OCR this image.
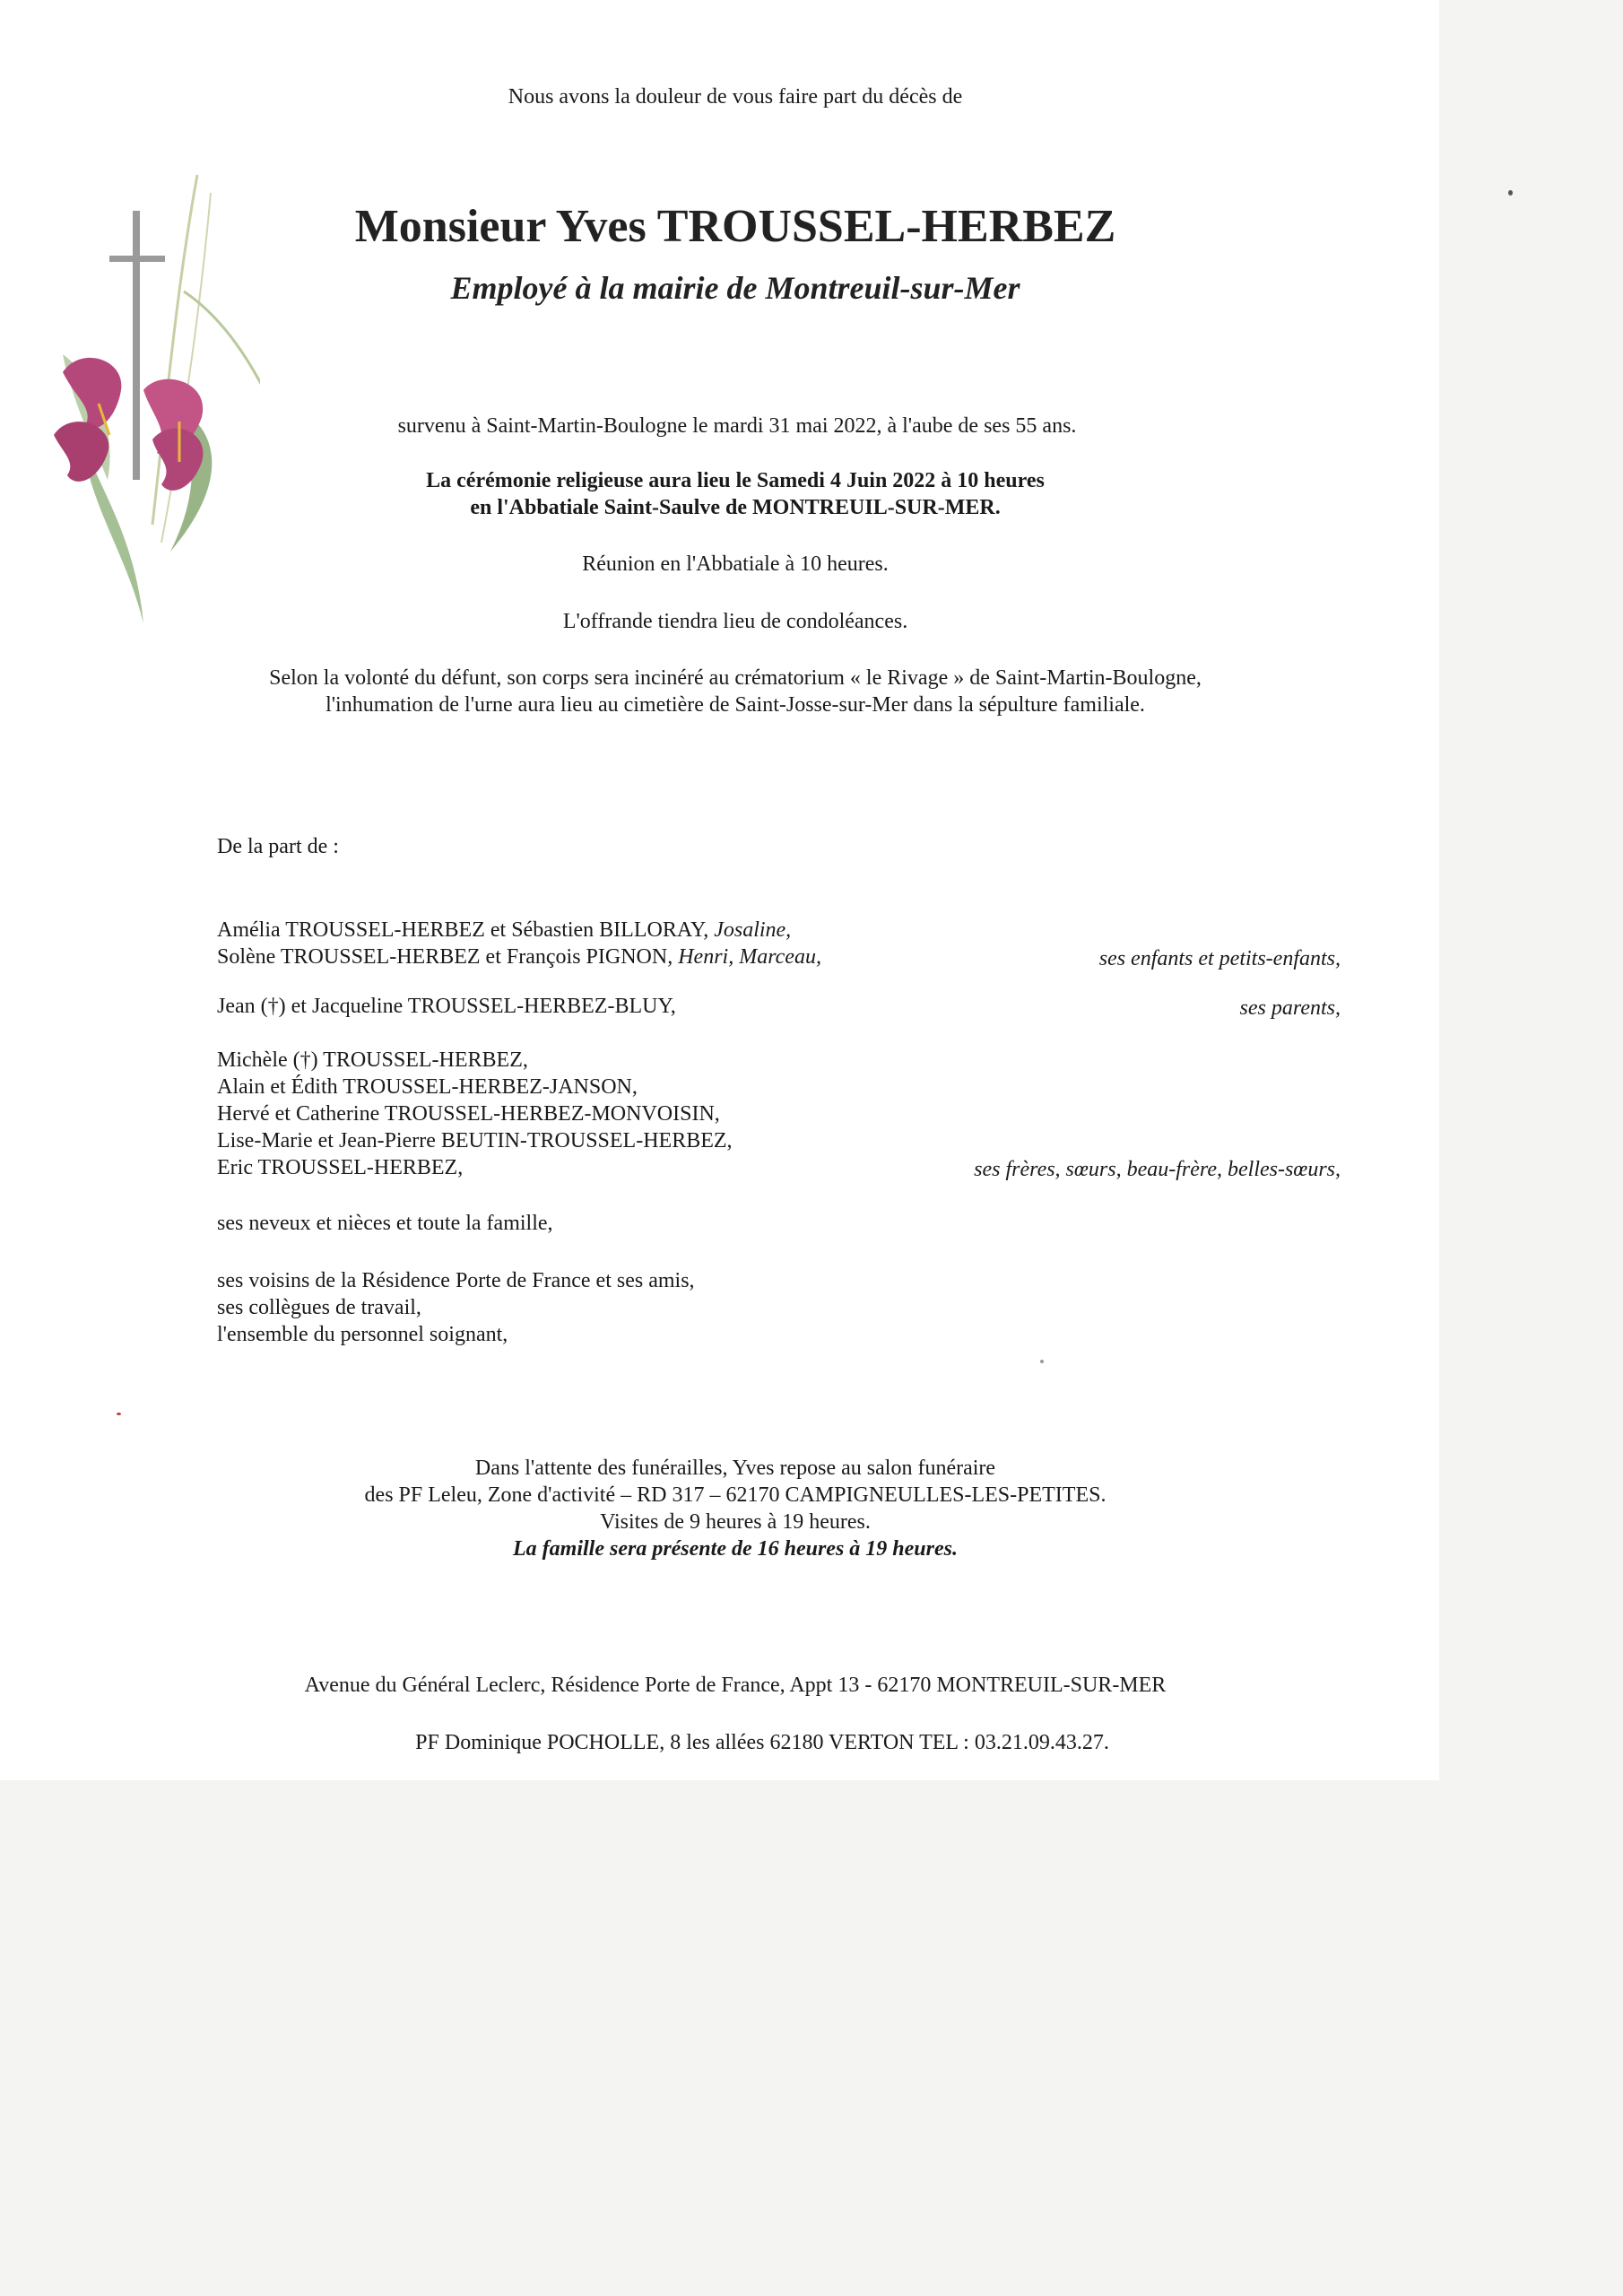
Nous avons la douleur de vous faire part du décès de
Monsieur Yves TROUSSEL-HERBEZ
Employé à la mairie de Montreuil-sur-Mer
survenu à Saint-Martin-Boulogne le mardi 31 mai 2022, à l'aube de ses 55 ans.
La cérémonie religieuse aura lieu le Samedi 4 Juin 2022 à 10 heures
en l'Abbatiale Saint-Saulve de MONTREUIL-SUR-MER.
Réunion en l'Abbatiale à 10 heures.
L'offrande tiendra lieu de condoléances.
Selon la volonté du défunt, son corps sera incinéré au crématorium « le Rivage » de Saint-Martin-Boulogne,
l'inhumation de l'urne aura lieu au cimetière de Saint-Josse-sur-Mer dans la sépulture familiale.
De la part de :
Amélia TROUSSEL-HERBEZ et Sébastien BILLORAY, Josaline,
Solène TROUSSEL-HERBEZ et François PIGNON, Henri, Marceau,	ses enfants et petits-enfants,
Jean (†) et Jacqueline TROUSSEL-HERBEZ-BLUY,	ses parents,
Michèle (†) TROUSSEL-HERBEZ,
Alain et Édith TROUSSEL-HERBEZ-JANSON,
Hervé et Catherine TROUSSEL-HERBEZ-MONVOISIN,
Lise-Marie et Jean-Pierre BEUTIN-TROUSSEL-HERBEZ,
Eric TROUSSEL-HERBEZ,	ses frères, sœurs, beau-frère, belles-sœurs,
ses neveux et nièces et toute la famille,
ses voisins de la Résidence Porte de France et ses amis,
ses collègues de travail,
l'ensemble du personnel soignant,
Dans l'attente des funérailles, Yves repose au salon funéraire
des PF Leleu, Zone d'activité – RD 317 – 62170 CAMPIGNEULLES-LES-PETITES.
Visites de 9 heures à 19 heures.
La famille sera présente de 16 heures à 19 heures.
Avenue du Général Leclerc, Résidence Porte de France, Appt 13 - 62170 MONTREUIL-SUR-MER
PF Dominique POCHOLLE, 8 les allées 62180 VERTON TEL : 03.21.09.43.27.
